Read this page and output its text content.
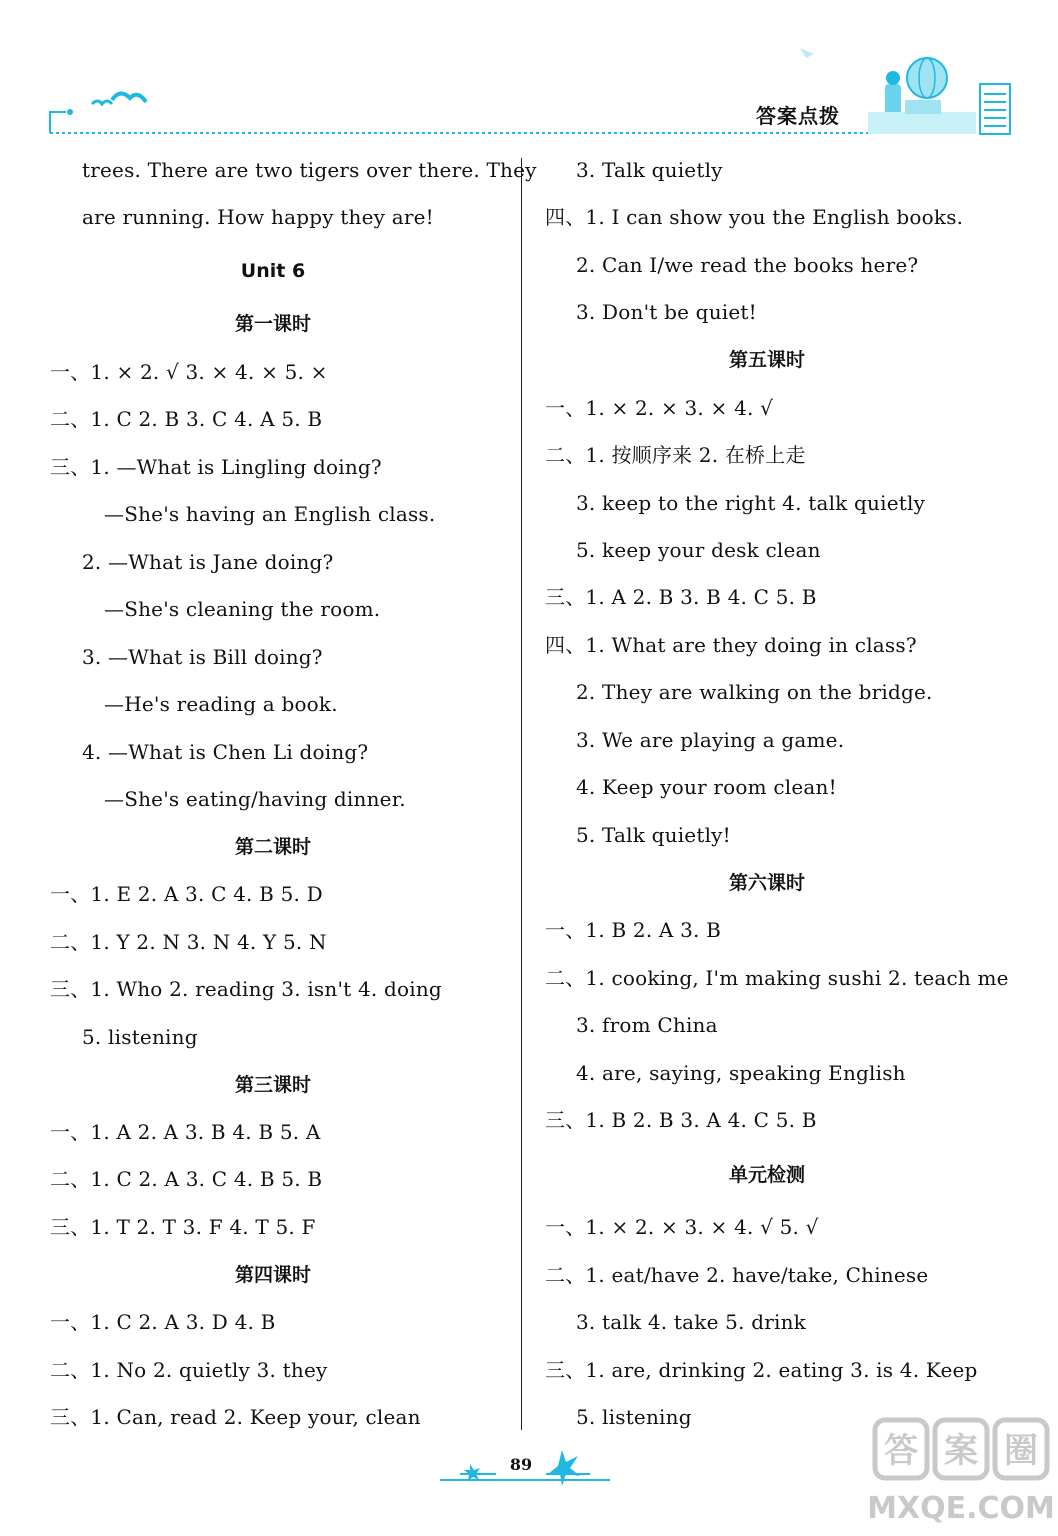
答案点拨
trees. There are two tigers over there. They
are running. How happy they are!
Unit 6
第一课时
一、1. × 2. √ 3. × 4. × 5. ×
二、1. C 2. B 3. C 4. A 5. B
三、1. —What is Lingling doing?
—She's having an English class.
2. —What is Jane doing?
—She's cleaning the room.
3. —What is Bill doing?
—He's reading a book.
4. —What is Chen Li doing?
—She's eating/having dinner.
第二课时
一、1. E 2. A 3. C 4. B 5. D
二、1. Y 2. N 3. N 4. Y 5. N
三、1. Who 2. reading 3. isn't 4. doing
5. listening
第三课时
一、1. A 2. A 3. B 4. B 5. A
二、1. C 2. A 3. C 4. B 5. B
三、1. T 2. T 3. F 4. T 5. F
第四课时
一、1. C 2. A 3. D 4. B
二、1. No 2. quietly 3. they
三、1. Can, read 2. Keep your, clean
3. Talk quietly
四、1. I can show you the English books.
2. Can I/we read the books here?
3. Don't be quiet!
第五课时
一、1. × 2. × 3. × 4. √
二、1. 按顺序来 2. 在桥上走
3. keep to the right 4. talk quietly
5. keep your desk clean
三、1. A 2. B 3. B 4. C 5. B
四、1. What are they doing in class?
2. They are walking on the bridge.
3. We are playing a game.
4. Keep your room clean!
5. Talk quietly!
第六课时
一、1. B 2. A 3. B
二、1. cooking, I'm making sushi 2. teach me
3. from China
4. are, saying, speaking English
三、1. B 2. B 3. A 4. C 5. B
单元检测
一、1. × 2. × 3. × 4. √ 5. √
二、1. eat/have 2. have/take, Chinese
3. talk 4. take 5. drink
三、1. are, drinking 2. eating 3. is 4. Keep
5. listening
89	答 案 圈
MXQE.COM
